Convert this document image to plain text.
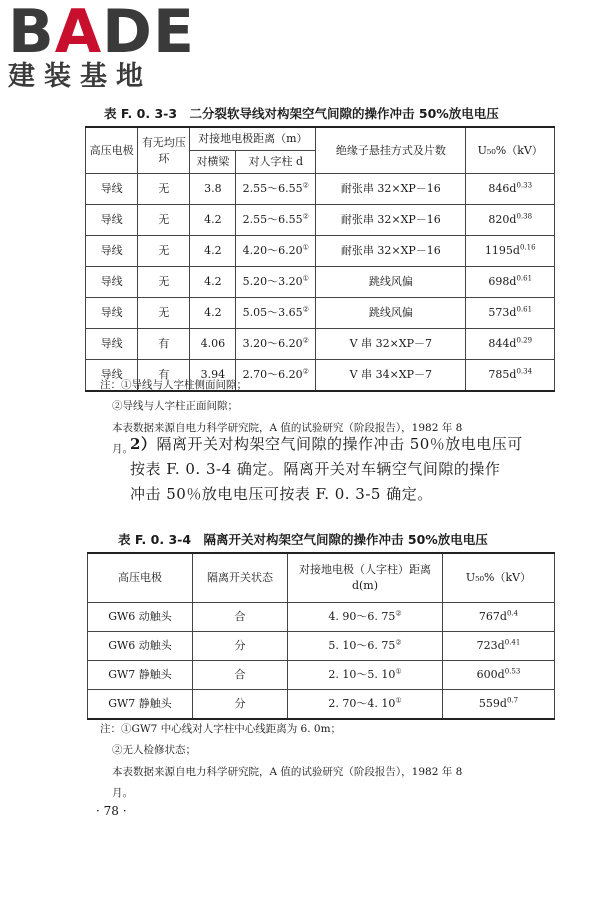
BADE
建装基地
表 F. 0. 3-3　二分裂软导线对构架空气间隙的操作冲击 50%放电电压
高压电极	有无均压环	对接地电极距离（m）		绝缘子悬挂方式及片数	U₅₀%（kV）
		对横梁	对人字柱 d		
导线	无	3.8	2.55～6.55②	耐张串 32×XP－16	$846d^{0.33}$
导线	无	4.2	2.55～6.55②	耐张串 32×XP－16	$820d^{0.38}$
导线	无	4.2	4.20～6.20①	耐张串 32×XP－16	$1195d^{0.16}$
导线	无	4.2	5.20～3.20①	跳线风偏	$698d^{0.61}$
导线	无	4.2	5.05～3.65②	跳线风偏	$573d^{0.61}$
导线	有	4.06	3.20～6.20②	V 串 32×XP－7	$844d^{0.29}$
导线	有	3.94	2.70～6.20②	V 串 34×XP－7	$785d^{0.34}$
注：①导线与人字柱侧面间隙；
②导线与人字柱正面间隙；
本表数据来源自电力科学研究院，A 值的试验研究（阶段报告），1982 年 8
月。
2）隔离开关对构架空气间隙的操作冲击 50％放电电压可
按表 F. 0. 3-4 确定。隔离开关对车辆空气间隙的操作
冲击 50％放电电压可按表 F. 0. 3-5 确定。
表 F. 0. 3-4　隔离开关对构架空气间隙的操作冲击 50%放电电压
高压电极	隔离开关状态	对接地电极（人字柱）距离 d(m)	U₅₀%（kV）
GW6 动触头	合	4. 90～6. 75②	$767d^{0.4}$
GW6 动触头	分	5. 10～6. 75②	$723d^{0.41}$
GW7 静触头	合	2. 10～5. 10①	$600d^{0.53}$
GW7 静触头	分	2. 70～4. 10①	$559d^{0.7}$
注：①GW7 中心线对人字柱中心线距离为 6. 0m；
②无人检修状态；
本表数据来源自电力科学研究院，A 值的试验研究（阶段报告），1982 年 8
月。
· 78 ·
